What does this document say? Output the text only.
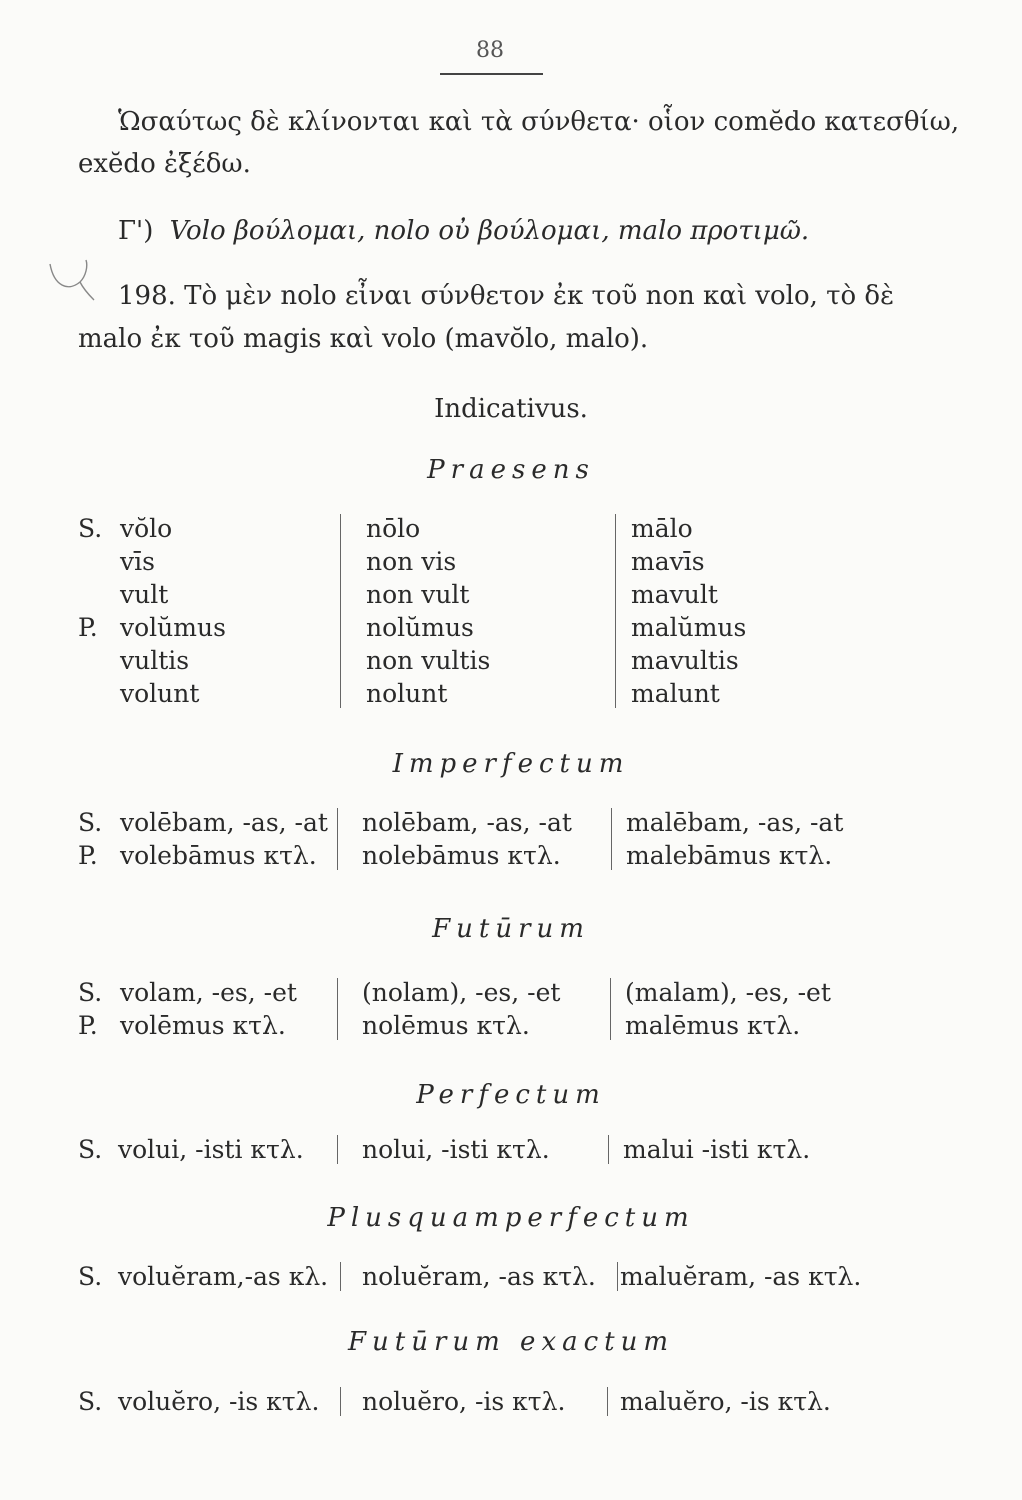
88
Ὡσαύτως δὲ κλίνονται καὶ τὰ σύνθετα· οἷον comĕdo κατεσθίω,
exĕdo ἐξέδω.
Γ') Volo βούλομαι, nolo οὐ βούλομαι, malo προτιμῶ.
198. Τὸ μὲν nolo εἶναι σύνθετον ἐκ τοῦ non καὶ volo, τὸ δὲ
malo ἐκ τοῦ magis καὶ volo (mavŏlo, malo).
Indicativus.
Praesens
S.
P.
vŏlo
vīs
vult
volŭmus
vultis
volunt
nōlo
non vis
non vult
nolŭmus
non vultis
nolunt
mālo
mavīs
mavult
malŭmus
mavultis
malunt
Imperfectum
S.
P.
volēbam, -as, -at
volebāmus κτλ.
nolēbam, -as, -at
nolebāmus κτλ.
malēbam, -as, -at
malebāmus κτλ.
Futūrum
S.
P.
volam, -es, -et
volēmus κτλ.
(nolam), -es, -et
nolēmus κτλ.
(malam), -es, -et
malēmus κτλ.
Perfectum
S. volui, -isti κτλ. nolui, -isti κτλ.	malui -isti κτλ.
Plusquamperfectum
S. voluĕram,-as κλ. noluĕram, -as κτλ. maluĕram, -as κτλ.
Futūrum exactum
S. voluĕro, -is κτλ. noluĕro, -is κτλ. maluĕro, -is κτλ.
